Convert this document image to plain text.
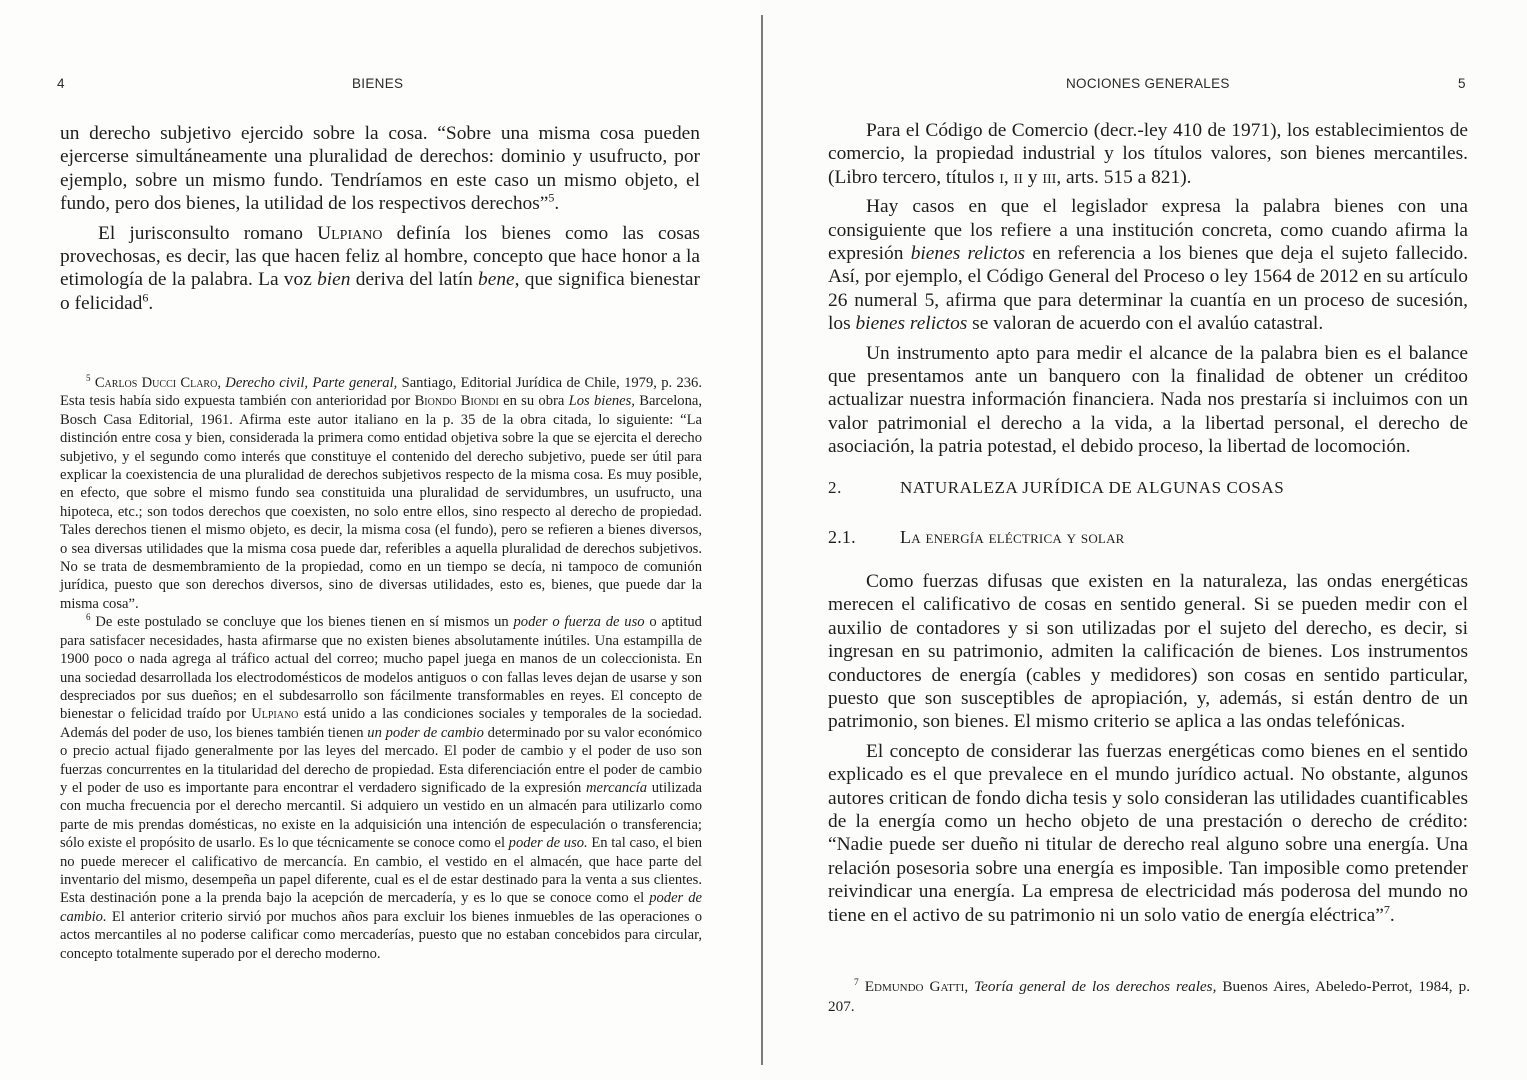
4	BIENES

un derecho subjetivo ejercido sobre la cosa. “Sobre una misma cosa pueden ejercerse simultáneamente una pluralidad de derechos: dominio y usufructo, por ejemplo, sobre un mismo fundo. Tendríamos en este caso un mismo objeto, el fundo, pero dos bienes, la utilidad de los respectivos derechos”$^5$.

El jurisconsulto romano Ulpiano definía los bienes como las cosas provechosas, es decir, las que hacen feliz al hombre, concepto que hace honor a la etimología de la palabra. La voz bien deriva del latín bene, que significa bienestar o felicidad$^6$.

$^5$ Carlos Ducci Claro, Derecho civil, Parte general, Santiago, Editorial Jurídica de Chile, 1979, p. 236. Esta tesis había sido expuesta también con anterioridad por Biondo Biondi en su obra Los bienes, Barcelona, Bosch Casa Editorial, 1961. Afirma este autor italiano en la p. 35 de la obra citada, lo siguiente: “La distinción entre cosa y bien, considerada la primera como entidad objetiva sobre la que se ejercita el derecho subjetivo, y el segundo como interés que constituye el contenido del derecho subjetivo, puede ser útil para explicar la coexistencia de una pluralidad de derechos subjetivos respecto de la misma cosa. Es muy posible, en efecto, que sobre el mismo fundo sea constituida una pluralidad de servidumbres, un usufructo, una hipoteca, etc.; son todos derechos que coexisten, no solo entre ellos, sino respecto al derecho de propiedad. Tales derechos tienen el mismo objeto, es decir, la misma cosa (el fundo), pero se refieren a bienes diversos, o sea diversas utilidades que la misma cosa puede dar, referibles a aquella pluralidad de derechos subjetivos. No se trata de desmembramiento de la propiedad, como en un tiempo se decía, ni tampoco de comunión jurídica, puesto que son derechos diversos, sino de diversas utilidades, esto es, bienes, que puede dar la misma cosa”.

$^6$ De este postulado se concluye que los bienes tienen en sí mismos un poder o fuerza de uso o aptitud para satisfacer necesidades, hasta afirmarse que no existen bienes absolutamente inútiles. Una estampilla de 1900 poco o nada agrega al tráfico actual del correo; mucho papel juega en manos de un coleccionista. En una sociedad desarrollada los electrodomésticos de modelos antiguos o con fallas leves dejan de usarse y son despreciados por sus dueños; en el subdesarrollo son fácilmente transformables en reyes. El concepto de bienestar o felicidad traído por Ulpiano está unido a las condiciones sociales y temporales de la sociedad. Además del poder de uso, los bienes también tienen un poder de cambio determinado por su valor económico o precio actual fijado generalmente por las leyes del mercado. El poder de cambio y el poder de uso son fuerzas concurrentes en la titularidad del derecho de propiedad. Esta diferenciación entre el poder de cambio y el poder de uso es importante para encontrar el verdadero significado de la expresión mercancía utilizada con mucha frecuencia por el derecho mercantil. Si adquiero un vestido en un almacén para utilizarlo como parte de mis prendas domésticas, no existe en la adquisición una intención de especulación o transferencia; sólo existe el propósito de usarlo. Es lo que técnicamente se conoce como el poder de uso. En tal caso, el bien no puede merecer el calificativo de mercancía. En cambio, el vestido en el almacén, que hace parte del inventario del mismo, desempeña un papel diferente, cual es el de estar destinado para la venta a sus clientes. Esta destinación pone a la prenda bajo la acepción de mercadería, y es lo que se conoce como el poder de cambio. El anterior criterio sirvió por muchos años para excluir los bienes inmuebles de las operaciones o actos mercantiles al no poderse calificar como mercaderías, puesto que no estaban concebidos para circular, concepto totalmente superado por el derecho moderno.

NOCIONES GENERALES	5

Para el Código de Comercio (decr.-ley 410 de 1971), los establecimientos de comercio, la propiedad industrial y los títulos valores, son bienes mercantiles. (Libro tercero, títulos i, ii y iii, arts. 515 a 821).

Hay casos en que el legislador expresa la palabra bienes con una consiguiente que los refiere a una institución concreta, como cuando afirma la expresión bienes relictos en referencia a los bienes que deja el sujeto fallecido. Así, por ejemplo, el Código General del Proceso o ley 1564 de 2012 en su artículo 26 numeral 5, afirma que para determinar la cuantía en un proceso de sucesión, los bienes relictos se valoran de acuerdo con el avalúo catastral.

Un instrumento apto para medir el alcance de la palabra bien es el balance que presentamos ante un banquero con la finalidad de obtener un créditoo actualizar nuestra información financiera. Nada nos prestaría si incluimos con un valor patrimonial el derecho a la vida, a la libertad personal, el derecho de asociación, la patria potestad, el debido proceso, la libertad de locomoción.

2.	NATURALEZA JURÍDICA DE ALGUNAS COSAS
2.1. La energía eléctrica y solar

Como fuerzas difusas que existen en la naturaleza, las ondas energéticas merecen el calificativo de cosas en sentido general. Si se pueden medir con el auxilio de contadores y si son utilizadas por el sujeto del derecho, es decir, si ingresan en su patrimonio, admiten la calificación de bienes. Los instrumentos conductores de energía (cables y medidores) son cosas en sentido particular, puesto que son susceptibles de apropiación, y, además, si están dentro de un patrimonio, son bienes. El mismo criterio se aplica a las ondas telefónicas.

El concepto de considerar las fuerzas energéticas como bienes en el sentido explicado es el que prevalece en el mundo jurídico actual. No obstante, algunos autores critican de fondo dicha tesis y solo consideran las utilidades cuantificables de la energía como un hecho objeto de una prestación o derecho de crédito: “Nadie puede ser dueño ni titular de derecho real alguno sobre una energía. Una relación posesoria sobre una energía es imposible. Tan imposible como pretender reivindicar una energía. La empresa de electricidad más poderosa del mundo no tiene en el activo de su patrimonio ni un solo vatio de energía eléctrica”$^7$.

$^7$ Edmundo Gatti, Teoría general de los derechos reales, Buenos Aires, Abeledo-Perrot, 1984, p. 207.
